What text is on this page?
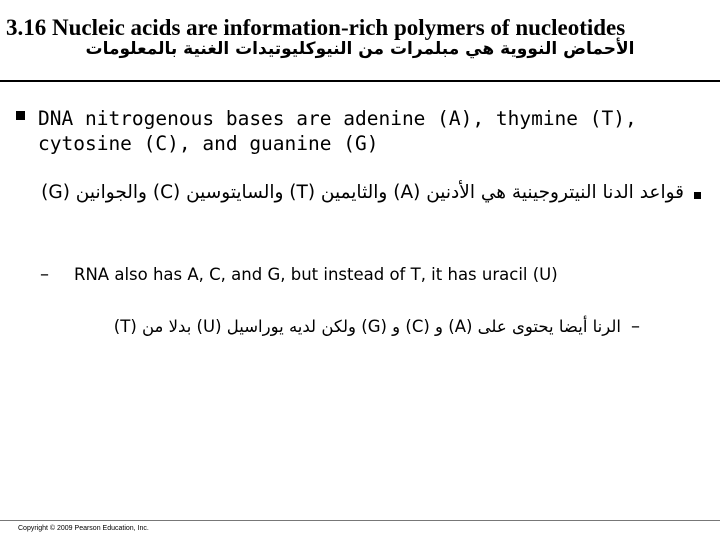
3.16 Nucleic acids are information-rich polymers of nucleotides
الأحماض النووية هي مبلمرات من النيوكليوتيدات الغنية بالمعلومات
DNA nitrogenous bases are adenine (A), thymine (T), cytosine (C), and guanine (G)
قواعد الدنا النيتروجينية هي الأدنين (A) والثايمين (T) والسايتوسين (C) والجوانين (G)
– RNA also has A, C, and G, but instead of T, it has uracil (U)
–
الرنا أيضا يحتوى على (A) و (C) و (G) ولكن لديه يوراسيل (U) بدلا من (T)
Copyright © 2009 Pearson Education, Inc.
